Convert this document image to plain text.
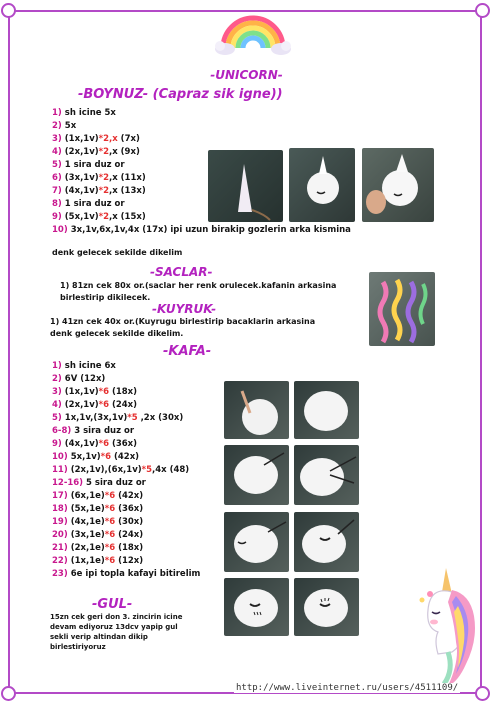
-UNICORN-
-BOYNUZ- (Capraz sik igne))
1) sh icine 5x
2) 5x
3) (1x,1v)*2,x (7x)
4) (2x,1v)*2,x (9x)
5) 1 sira duz or
6) (3x,1v)*2,x (11x)
7) (4x,1v)*2,x (13x)
8) 1 sira duz or
9) (5x,1v)*2,x (15x)
10) 3x,1v,6x,1v,4x (17x) ipi uzun birakip gozlerin arka kismina
denk gelecek sekilde dikelim
-SACLAR-
1) 81zn cek 80x or.(saclar her renk orulecek.kafanin arkasina
birlestirip dikilecek.
-KUYRUK-
1) 41zn cek 40x or.(Kuyrugu birlestirip bacaklarin arkasina
denk gelecek sekilde dikelim.
-KAFA-
1) sh icine 6x
2) 6V (12x)
3) (1x,1v)*6 (18x)
4) (2x,1v)*6 (24x)
5) 1x,1v,(3x,1v)*5 ,2x (30x)
6-8) 3 sira duz or
9) (4x,1v)*6 (36x)
10) 5x,1v)*6 (42x)
11) (2x,1v),(6x,1v)*5,4x (48)
12-16) 5 sira duz or
17) (6x,1e)*6 (42x)
18) (5x,1e)*6 (36x)
19) (4x,1e)*6 (30x)
20) (3x,1e)*6 (24x)
21) (2x,1e)*6 (18x)
22) (1x,1e)*6 (12x)
23) 6e ipi topla kafayi bitirelim
-GUL-
15zn cek geri don 3. zincirin icine
devam ediyoruz 13dcv yapip gul
sekli verip altindan dikip
birlestiriyoruz
http://www.liveinternet.ru/users/4511109/
